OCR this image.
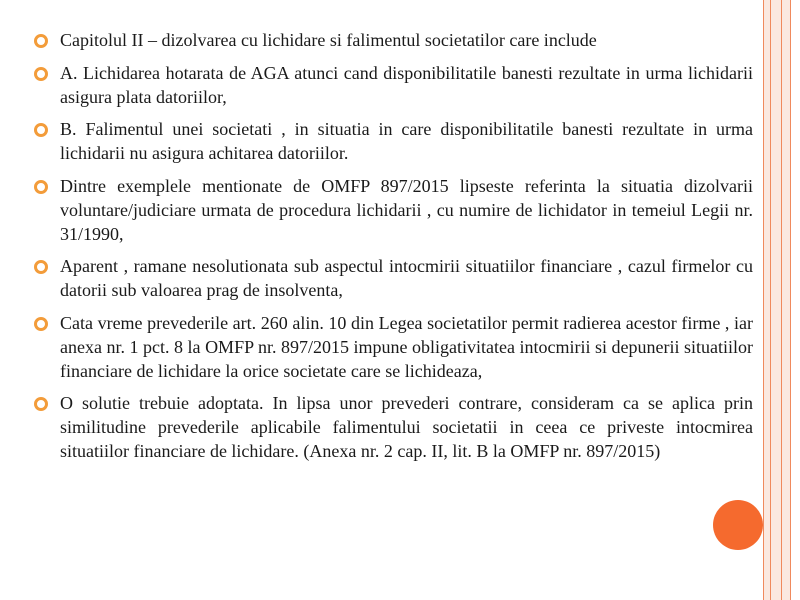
Capitolul II – dizolvarea cu lichidare si falimentul societatilor care include
A. Lichidarea hotarata de AGA atunci cand disponibilitatile banesti rezultate in urma lichidarii asigura plata datoriilor,
B. Falimentul unei societati , in situatia in care disponibilitatile banesti rezultate in urma lichidarii nu asigura achitarea datoriilor.
Dintre exemplele mentionate de OMFP 897/2015 lipseste referinta la situatia dizolvarii voluntare/judiciare urmata de procedura lichidarii , cu numire de lichidator in temeiul Legii nr. 31/1990,
Aparent , ramane nesolutionata sub aspectul intocmirii situatiilor financiare , cazul firmelor cu datorii sub valoarea prag de insolventa,
Cata vreme prevederile art. 260 alin. 10 din Legea societatilor permit radierea acestor firme , iar anexa nr. 1 pct. 8 la OMFP nr. 897/2015 impune obligativitatea intocmirii si depunerii situatiilor financiare de lichidare la orice societate care se lichideaza,
O solutie trebuie adoptata. In lipsa unor prevederi contrare, consideram ca se aplica prin similitudine prevederile aplicabile falimentului societatii in ceea ce priveste intocmirea situatiilor financiare de lichidare. (Anexa nr. 2 cap. II, lit. B la OMFP nr. 897/2015)
